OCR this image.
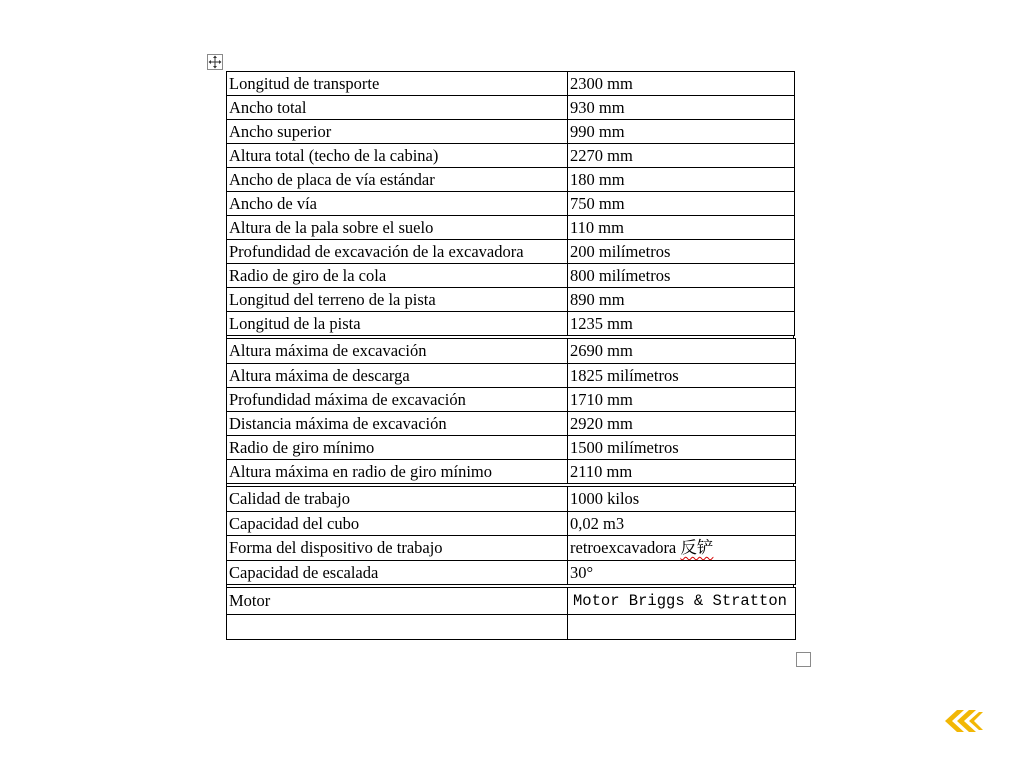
Longitud de transporte	2300 mm
Ancho total	930 mm
Ancho superior	990 mm
Altura total (techo de la cabina)	2270 mm
Ancho de placa de vía estándar	180 mm
Ancho de vía	750 mm
Altura de la pala sobre el suelo	110 mm
Profundidad de excavación de la excavadora	200 milímetros
Radio de giro de la cola	800 milímetros
Longitud del terreno de la pista	890 mm
Longitud de la pista	1235 mm
Altura máxima de excavación	2690 mm
Altura máxima de descarga	1825 milímetros
Profundidad máxima de excavación	1710 mm
Distancia máxima de excavación	2920 mm
Radio de giro mínimo	1500 milímetros
Altura máxima en radio de giro mínimo	2110 mm
Calidad de trabajo	1000 kilos
Capacidad del cubo	0,02 m3
Forma del dispositivo de trabajo	retroexcavadora 反铲
Capacidad de escalada	30°
Motor	Motor Briggs & Stratton
